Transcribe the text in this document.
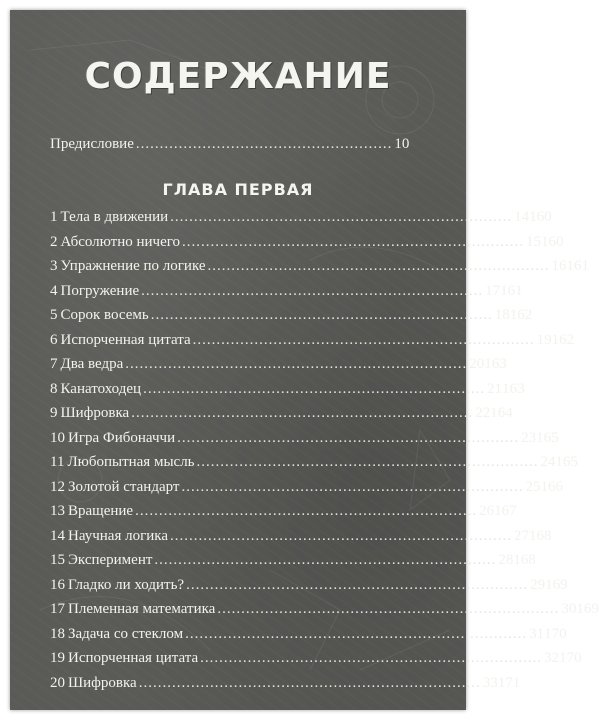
СОДЕРЖАНИЕ
Предисловие ...................................................... 10
ГЛАВА ПЕРВАЯ
1 Тела в движении ........................................................................ 14 160
2 Абсолютно ничего ........................................................................ 15 160
3 Упражнение по логике ........................................................................ 16 161
4 Погружение ........................................................................ 17 161
5 Сорок восемь ........................................................................ 18 162
6 Испорченная цитата ........................................................................ 19 162
7 Два ведра ........................................................................ 20 163
8 Канатоходец ........................................................................ 21 163
9 Шифровка ........................................................................ 22 164
10 Игра Фибоначчи ........................................................................ 23 165
11 Любопытная мысль ........................................................................ 24 165
12 Золотой стандарт ........................................................................ 25 166
13 Вращение ........................................................................ 26 167
14 Научная логика ........................................................................ 27 168
15 Эксперимент ........................................................................ 28 168
16 Гладко ли ходить? ........................................................................ 29 169
17 Племенная математика ........................................................................ 30 169
18 Задача со стеклом ........................................................................ 31 170
19 Испорченная цитата ........................................................................ 32 170
20 Шифровка ........................................................................ 33 171
